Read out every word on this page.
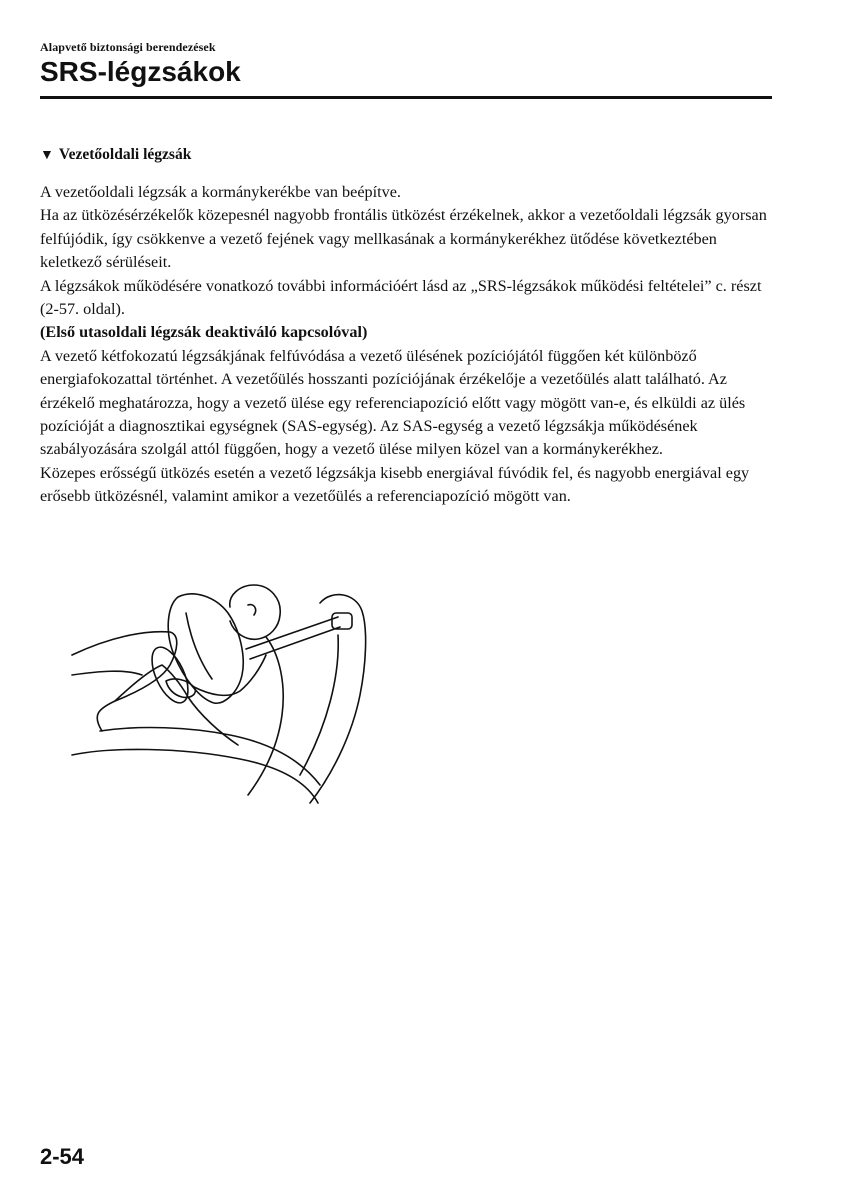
Alapvető biztonsági berendezések
SRS-légzsákok
▼ Vezetőoldali légzsák

A vezetőoldali légzsák a kormánykerékbe van beépítve.

Ha az ütközésérzékelők közepesnél nagyobb frontális ütközést érzékelnek, akkor a vezetőoldali légzsák gyorsan felfújódik, így csökkenve a vezető fejének vagy mellkasának a kormánykerékhez ütődése következtében keletkező sérüléseit.

A légzsákok működésére vonatkozó további információért lásd az „SRS-légzsákok működési feltételei” c. részt (2-57. oldal).

(Első utasoldali légzsák deaktiváló kapcsolóval)

A vezető kétfokozatú légzsákjának felfúvódása a vezető ülésének pozíciójától függően két különböző energiafokozattal történhet. A vezetőülés hosszanti pozíciójának érzékelője a vezetőülés alatt található. Az érzékelő meghatározza, hogy a vezető ülése egy referenciapozíció előtt vagy mögött van-e, és elküldi az ülés pozícióját a diagnosztikai egységnek (SAS-egység). Az SAS-egység a vezető légzsákja működésének szabályozására szolgál attól függően, hogy a vezető ülése milyen közel van a kormánykerékhez.

Közepes erősségű ütközés esetén a vezető légzsákja kisebb energiával fúvódik fel, és nagyobb energiával egy erősebb ütközésnél, valamint amikor a vezetőülés a referenciapozíció mögött van.

2-54
